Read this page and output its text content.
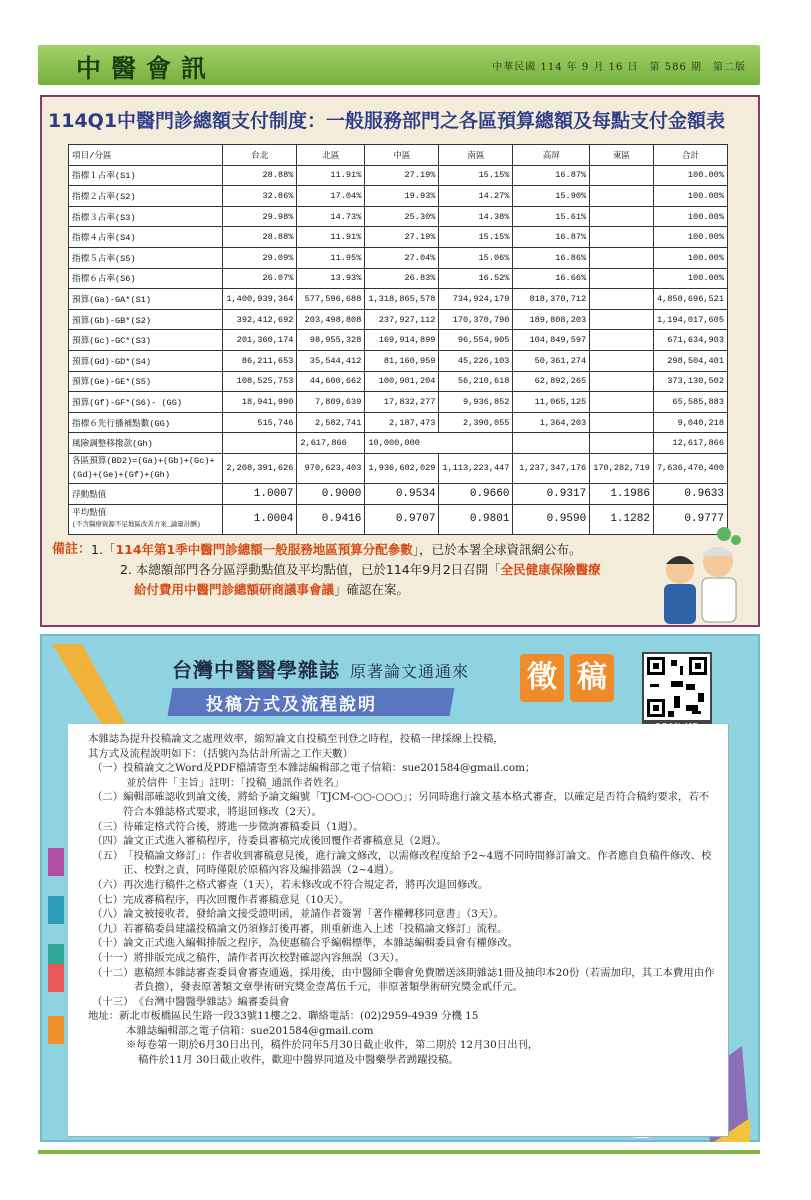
中醫會訊	中華民國 114 年 9 月 16 日　第 586 期　第二版
114Q1中醫門診總額支付制度：一般服務部門之各區預算總額及每點支付金額表
項目/分區	台北	北區	中區	南區	高屏	東區	合計
指標１占率(S1)	28.88%	11.91%	27.19%	15.15%	16.87%		100.00%
指標２占率(S2)	32.86%	17.04%	19.93%	14.27%	15.90%		100.00%
指標３占率(S3)	29.98%	14.73%	25.30%	14.38%	15.61%		100.00%
指標４占率(S4)	28.88%	11.91%	27.19%	15.15%	16.87%		100.00%
指標５占率(S5)	29.09%	11.95%	27.04%	15.06%	16.86%		100.00%
指標６占率(S6)	26.07%	13.93%	26.83%	16.52%	16.66%		100.00%
預算(Ga)-GA*(S1)	1,400,939,364	577,596,688	1,318,865,578	734,924,179	818,370,712		4,850,696,521
預算(Gb)-GB*(S2)	392,412,692	203,498,808	237,927,112	170,370,790	189,808,203		1,194,017,605
預算(Gc)-GC*(S3)	201,360,174	98,955,328	169,914,899	96,554,905	104,849,597		671,634,903
預算(Gd)-GD*(S4)	86,211,653	35,544,412	81,160,959	45,226,103	50,361,274		298,504,401
預算(Ge)-GE*(S5)	108,525,753	44,600,662	100,901,204	56,210,618	62,892,265		373,130,502
預算(Gf)-GF*(S6)- (GG)	18,941,990	7,809,639	17,832,277	9,936,852	11,065,125		65,585,883
指標６先行播補點數(GG)	515,746	2,582,741	2,187,473	2,390,055	1,364,203		9,040,218
風險調整移撥款(Gh)		2,617,866	10,000,000				12,617,866
各區預算(BD2)=(Ga)+(Gb)+(Gc)+(Gd)+(Ge)+(Gf)+(Gh)	2,208,391,626	970,623,403	1,936,602,029	1,113,223,447	1,237,347,176	170,282,719	7,636,470,400
浮動點值	1.0007	0.9000	0.9534	0.9660	0.9317	1.1986	0.9633
平均點值
(不含醫療資源不足地區改善方案_論量計酬)	1.0004	0.9416	0.9707	0.9801	0.9590	1.1282	0.9777
備註： 1.「114年第1季中醫門診總額一般服務地區預算分配參數」，已於本署全球資訊網公布。
2. 本總額部門各分區浮動點值及平均點值，已於114年9月2日召開「全民健康保險醫療
給付費用中醫門診總額研商議事會議」確認在案。
台灣中醫醫學雜誌 原著論文通通來 徵 稿
投稿方式及流程說明
本雜誌為提升投稿論文之處理效率，縮短論文自投稿至刊登之時程，投稿一律採線上投稿，
其方式及流程說明如下：（括號內為估計所需之工作天數）
（一） 投稿論文之Word及PDF檔請寄至本雜誌編輯部之電子信箱：sue201584@gmail.com；
並於信件「主旨」註明：「投稿_通訊作者姓名」
（二） 編輯部確認收到論文後，將給予論文編號「TJCM-○○-○○○」；另同時進行論文基本格式審查，以確定是否符合稿約要求，若不符合本雜誌格式要求，將退回修改（2天）。
（三） 待確定格式符合後，將進一步徵詢審稿委員（1週）。
（四） 論文正式進入審稿程序，待委員審稿完成後回覆作者審稿意見（2週）。
（五） 「投稿論文修訂」：作者收到審稿意見後，進行論文修改，以需修改程度給予2~4週不同時間修訂論文。作者應自負稿件修改、校正、校對之責，同時僅限於原稿內容及編排錯誤（2~4週）。
（六） 再次進行稿件之格式審查（1天），若未修改或不符合規定者，將再次退回修改。
（七） 完成審稿程序，再次回覆作者審稿意見（10天）。
（八） 論文被接收者，發給論文接受證明函，並請作者簽署「著作權轉移同意書」（3天）。
（九） 若審稿委員建議投稿論文仍須修訂後再審，則重新進入上述「投稿論文修訂」流程。
（十） 論文正式進入編輯排版之程序，為使惠稿合乎編輯標準，本雜誌編輯委員會有權修改。
（十一） 將排版完成之稿件，請作者再次校對確認內容無誤（3天）。
（十二） 惠稿經本雜誌審查委員會審查通過，採用後，由中醫師全聯會免費贈送該期雜誌1冊及抽印本20份（若需加印，其工本費用由作者負擔），發表原著類文章學術研究獎金壹萬伍千元，非原著類學術研究獎金貳仟元。
（十三） 《台灣中醫醫學雜誌》編審委員會
地址：新北市板橋區民生路一段33號11樓之2、聯絡電話：(02)2959-4939 分機 15
本雜誌編輯部之電子信箱：sue201584@gmail.com
※每卷第一期於6月30日出刊，稿件於同年5月30日截止收件，第二期於 12月30日出刊，
稿件於11月 30日截止收件，歡迎中醫界同道及中醫藥學者踴躍投稿。
